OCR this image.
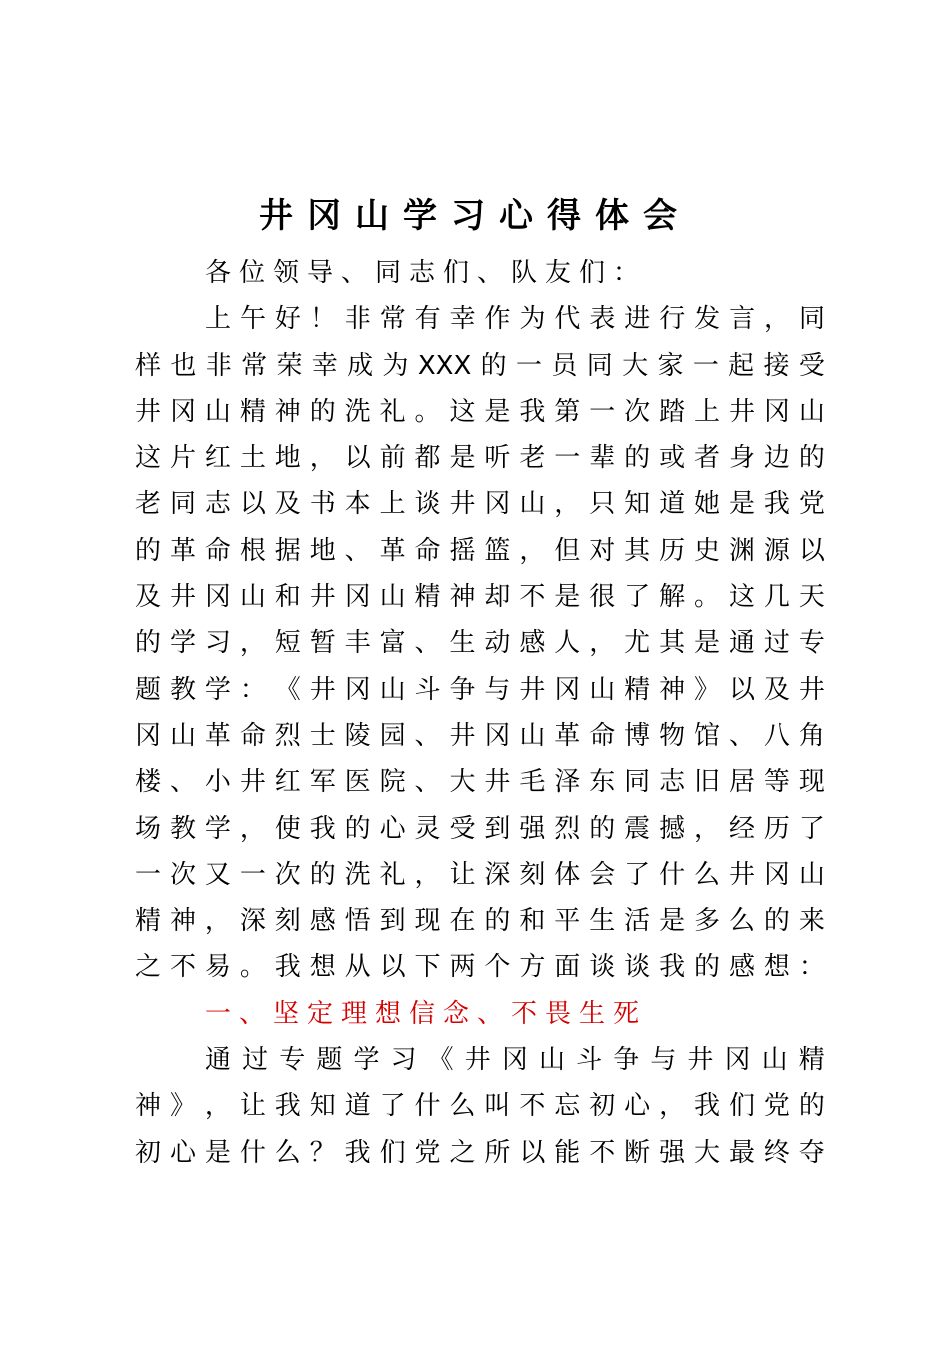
井冈山学习心得体会
各位领导、同志们、队友们：
上 午 好 ！ 非 常 有 幸 作 为 代 表 进 行 发 言 ， 同
样 也 非 常 荣 幸 成 为 XXX 的 一 员 同 大 家 一 起 接 受
井 冈 山 精 神 的 洗 礼 。 这 是 我 第 一 次 踏 上 井 冈 山
这 片 红 土 地 ， 以 前 都 是 听 老 一 辈 的 或 者 身 边 的
老 同 志 以 及 书 本 上 谈 井 冈 山 ， 只 知 道 她 是 我 党
的 革 命 根 据 地 、 革 命 摇 篮 ， 但 对 其 历 史 渊 源 以
及 井 冈 山 和 井 冈 山 精 神 却 不 是 很 了 解 。 这 几 天
的 学 习 ， 短 暂 丰 富 、 生 动 感 人 ， 尤 其 是 通 过 专
题 教 学 ： 《 井 冈 山 斗 争 与 井 冈 山 精 神 》 以 及 井
冈 山 革 命 烈 士 陵 园 、 井 冈 山 革 命 博 物 馆 、 八 角
楼 、 小 井 红 军 医 院 、 大 井 毛 泽 东 同 志 旧 居 等 现
场 教 学 ， 使 我 的 心 灵 受 到 强 烈 的 震 撼 ， 经 历 了
一 次 又 一 次 的 洗 礼 ， 让 深 刻 体 会 了 什 么 井 冈 山
精 神 ， 深 刻 感 悟 到 现 在 的 和 平 生 活 是 多 么 的 来
之 不 易 。 我 想 从 以 下 两 个 方 面 谈 谈 我 的 感 想 ：
一、坚定理想信念、不畏生死
通 过 专 题 学 习 《 井 冈 山 斗 争 与 井 冈 山 精
神 》 ， 让 我 知 道 了 什 么 叫 不 忘 初 心 ， 我 们 党 的
初 心 是 什 么 ？ 我 们 党 之 所 以 能 不 断 强 大 最 终 夺
